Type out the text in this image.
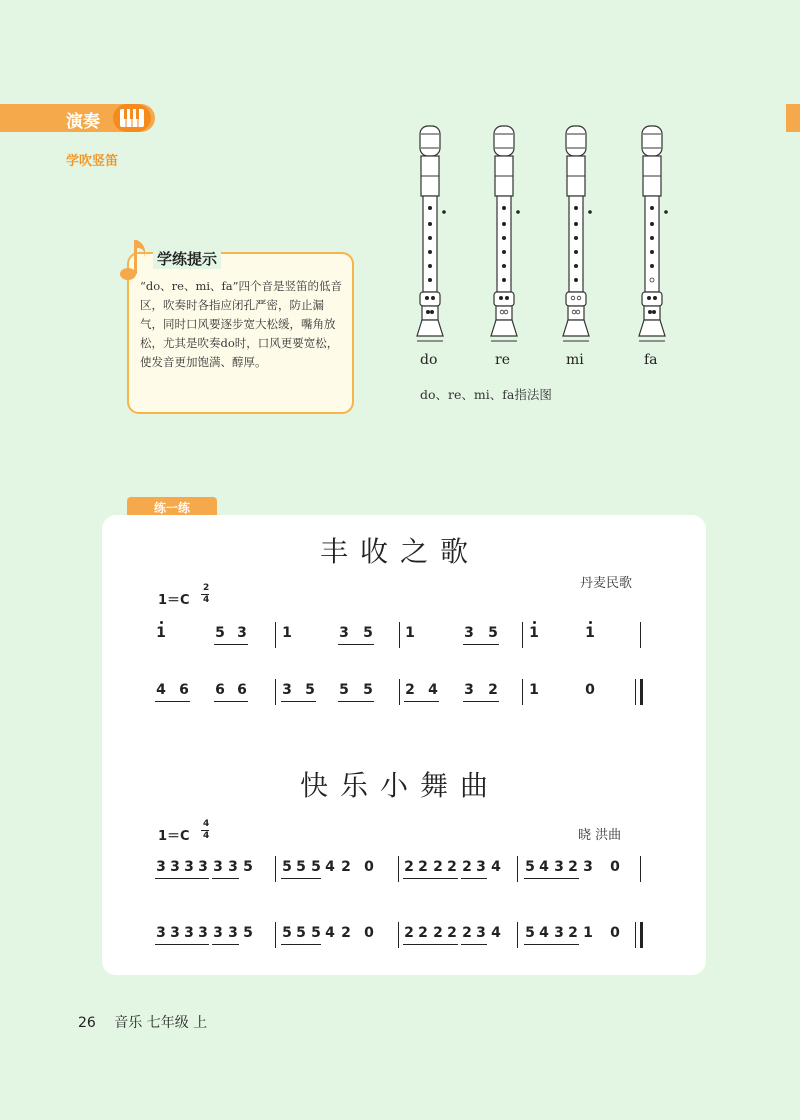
演奏
学吹竖笛
学练提示
“do、re、mi、fa”四个音是竖笛的低音区，吹奏时各指应闭孔严密，防止漏气，同时口风要逐步宽大松缓，嘴角放松，尤其是吹奏do时，口风更要宽松，使发音更加饱满、醇厚。	do	re	mi	fa
do、re、mi、fa指法图
练一练
丰收之歌
丹麦民歌
1＝C
2
4
1	5 3	1	3 5 1	3 5 1	1
4 6 6 6	3 5 5 5 2 4 3 2 1	0
快乐小舞曲
晓 洪曲
1＝C
4
4
3 3 3 3 3 3 5 5 5 5 4 2 0 2 2 2 2 2 3 4 5 4 3 2 3 0
3 3 3 3 3 3 5 5 5 5 4 2 0 2 2 2 2 2 3 4 5 4 3 2 1 0
26 音乐 七年级 上
